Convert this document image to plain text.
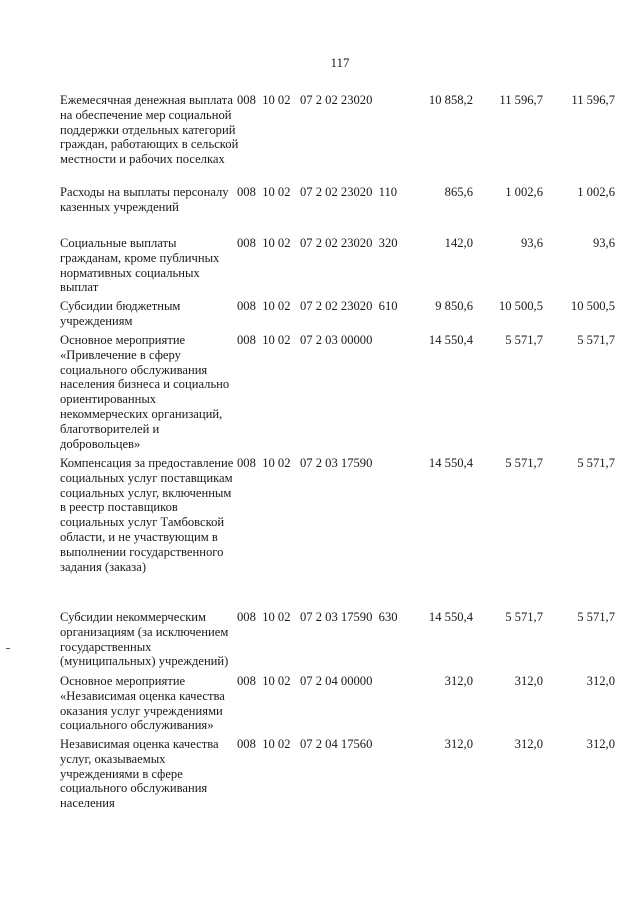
117
Ежемесячная денежная выплата на обеспечение мер социальной поддержки отдельных категорий граждан, работающих в сельской местности и рабочих поселках
008  10 02   07 2 02 23020	10 858,2	11 596,7	11 596,7
Расходы на выплаты персоналу казенных учреждений
008  10 02   07 2 02 23020  110	865,6	1 002,6	1 002,6
Социальные выплаты гражданам, кроме публичных нормативных социальных выплат
008  10 02   07 2 02 23020  320	142,0	93,6	93,6
Субсидии бюджетным учреждениям
008  10 02   07 2 02 23020  610	9 850,6	10 500,5	10 500,5
Основное мероприятие «Привлечение в сферу социального обслуживания населения бизнеса и социально ориентированных некоммерческих организаций, благотворителей и добровольцев»
008  10 02   07 2 03 00000	14 550,4	5 571,7	5 571,7
Компенсация за предоставление социальных услуг поставщикам социальных услуг, включенным в реестр поставщиков социальных услуг Тамбовской области, и не участвующим в выполнении государственного задания (заказа)
008  10 02   07 2 03 17590	14 550,4	5 571,7	5 571,7
Субсидии некоммерческим организациям (за исключением государственных (муниципальных) учреждений)
008  10 02   07 2 03 17590  630	14 550,4	5 571,7	5 571,7
Основное мероприятие «Независимая оценка качества оказания услуг учреждениями социального обслуживания»
008  10 02   07 2 04 00000	312,0	312,0	312,0
Независимая оценка качества услуг, оказываемых учреждениями в сфере социального обслуживания населения
008  10 02   07 2 04 17560	312,0	312,0	312,0
